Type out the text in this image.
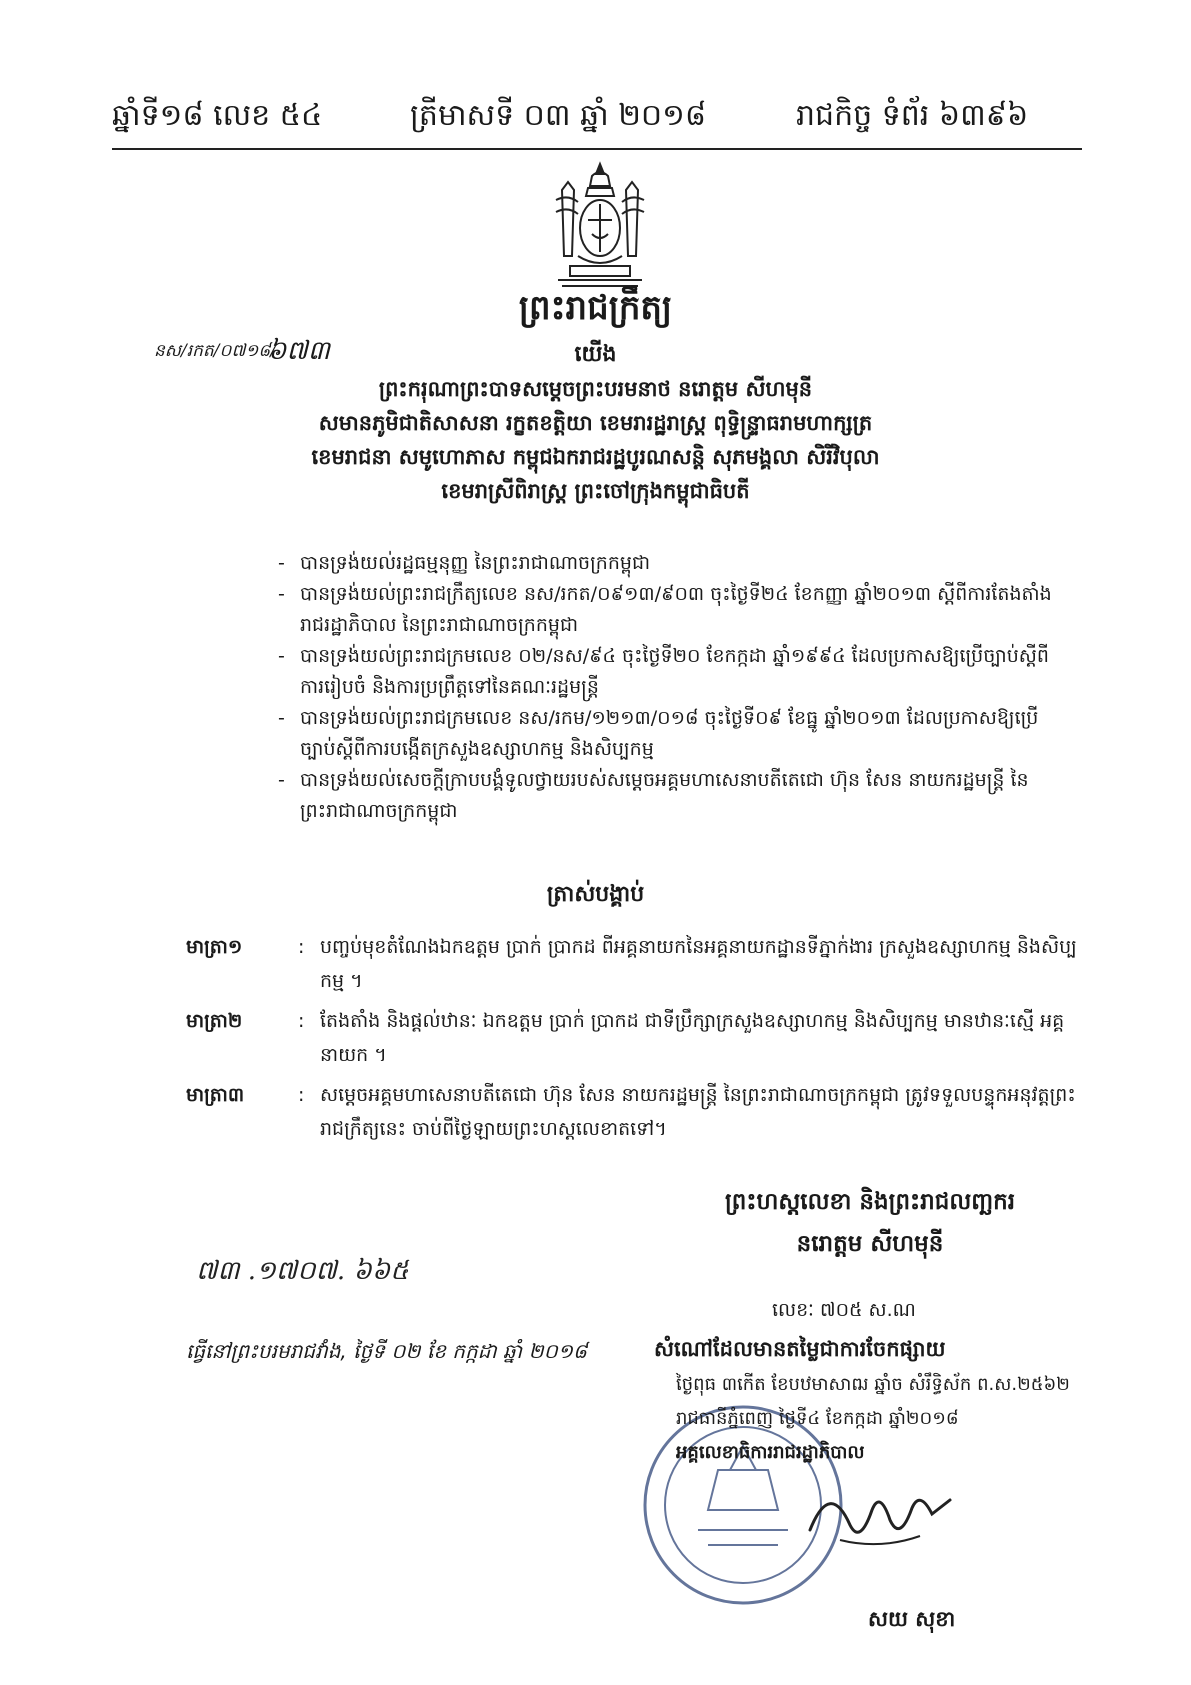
ឆ្នាំទី១៨ លេខ ៥៤	ត្រីមាសទី ០៣ ឆ្នាំ ២០១៨	រាជកិច្ច ទំព័រ ៦៣៩៦
ព្រះរាជក្រឹត្យ
នស/រកត/០៧១៨/
៦៧៣	យើង
ព្រះករុណាព្រះបាទសម្តេចព្រះបរមនាថ នរោត្តម សីហមុនី
សមានភូមិជាតិសាសនា រក្ខតខត្តិយា ខេមរារដ្ឋរាស្ត្រ ពុទ្ធិន្ទ្រាធរាមហាក្សត្រ
ខេមរាជនា សមូហោភាស កម្ពុជឯករាជរដ្ឋបូរណសន្តិ សុភមង្គលា សិរីវិបុលា
ខេមរាស្រីពិរាស្ត្រ ព្រះចៅក្រុងកម្ពុជាធិបតី
- បានទ្រង់យល់រដ្ឋធម្មនុញ្ញ នៃព្រះរាជាណាចក្រកម្ពុជា
- បានទ្រង់យល់ព្រះរាជក្រឹត្យលេខ នស/រកត/០៩១៣/៩០៣ ចុះថ្ងៃទី២៤ ខែកញ្ញា ឆ្នាំ២០១៣ ស្តីពីការតែងតាំងរាជរដ្ឋាភិបាល នៃព្រះរាជាណាចក្រកម្ពុជា
- បានទ្រង់យល់ព្រះរាជក្រមលេខ ០២/នស/៩៤ ចុះថ្ងៃទី២០ ខែកក្កដា ឆ្នាំ១៩៩៤ ដែលប្រកាសឱ្យប្រើច្បាប់ស្តីពីការរៀបចំ និងការប្រព្រឹត្តទៅនៃគណៈរដ្ឋមន្ត្រី
- បានទ្រង់យល់ព្រះរាជក្រមលេខ នស/រកម/១២១៣/០១៨ ចុះថ្ងៃទី០៩ ខែធ្នូ ឆ្នាំ២០១៣ ដែលប្រកាសឱ្យប្រើច្បាប់ស្តីពីការបង្កើតក្រសួងឧស្សាហកម្ម និងសិប្បកម្ម
- បានទ្រង់យល់សេចក្តីក្រាបបង្គំទូលថ្វាយរបស់សម្តេចអគ្គមហាសេនាបតីតេជោ ហ៊ុន សែន នាយករដ្ឋមន្ត្រី នៃព្រះរាជាណាចក្រកម្ពុជា
ត្រាស់បង្គាប់
មាត្រា១	: បញ្ចប់មុខតំណែងឯកឧត្តម ប្រាក់ ប្រាកដ ពីអគ្គនាយកនៃអគ្គនាយកដ្ឋានទីភ្នាក់ងារ ក្រសួងឧស្សាហកម្ម និងសិប្បកម្ម ។
មាត្រា២	: តែងតាំង និងផ្តល់ឋានៈ ឯកឧត្តម ប្រាក់ ប្រាកដ ជាទីប្រឹក្សាក្រសួងឧស្សាហកម្ម និងសិប្បកម្ម មានឋានៈស្មើ អគ្គនាយក ។
មាត្រា៣	: សម្តេចអគ្គមហាសេនាបតីតេជោ ហ៊ុន សែន នាយករដ្ឋមន្ត្រី នៃព្រះរាជាណាចក្រកម្ពុជា ត្រូវទទួលបន្ទុកអនុវត្តព្រះរាជក្រឹត្យនេះ ចាប់ពីថ្ងៃឡាយព្រះហស្តលេខាតទៅ។
ព្រះហស្តលេខា និងព្រះរាជលញ្ឆករ
នរោត្តម សីហមុនី
៧៣ .១៧០៧. ៦៦៥
លេខៈ ៧០៥ ស.ណ
ធ្វើនៅព្រះបរមរាជវាំង, ថ្ងៃទី ០២ ខែ កក្កដា ឆ្នាំ ២០១៨	សំណៅដែលមានតម្លៃជាការចែកផ្សាយ
ថ្ងៃពុធ ៣កើត ខែបឋមាសាឍ ឆ្នាំច សំរឹទ្ធិស័ក ព.ស.២៥៦២
រាជធានីភ្នំពេញ ថ្ងៃទី៤ ខែកក្កដា ឆ្នាំ២០១៨
អគ្គលេខាធិការរាជរដ្ឋាភិបាល
សយ សុខា
